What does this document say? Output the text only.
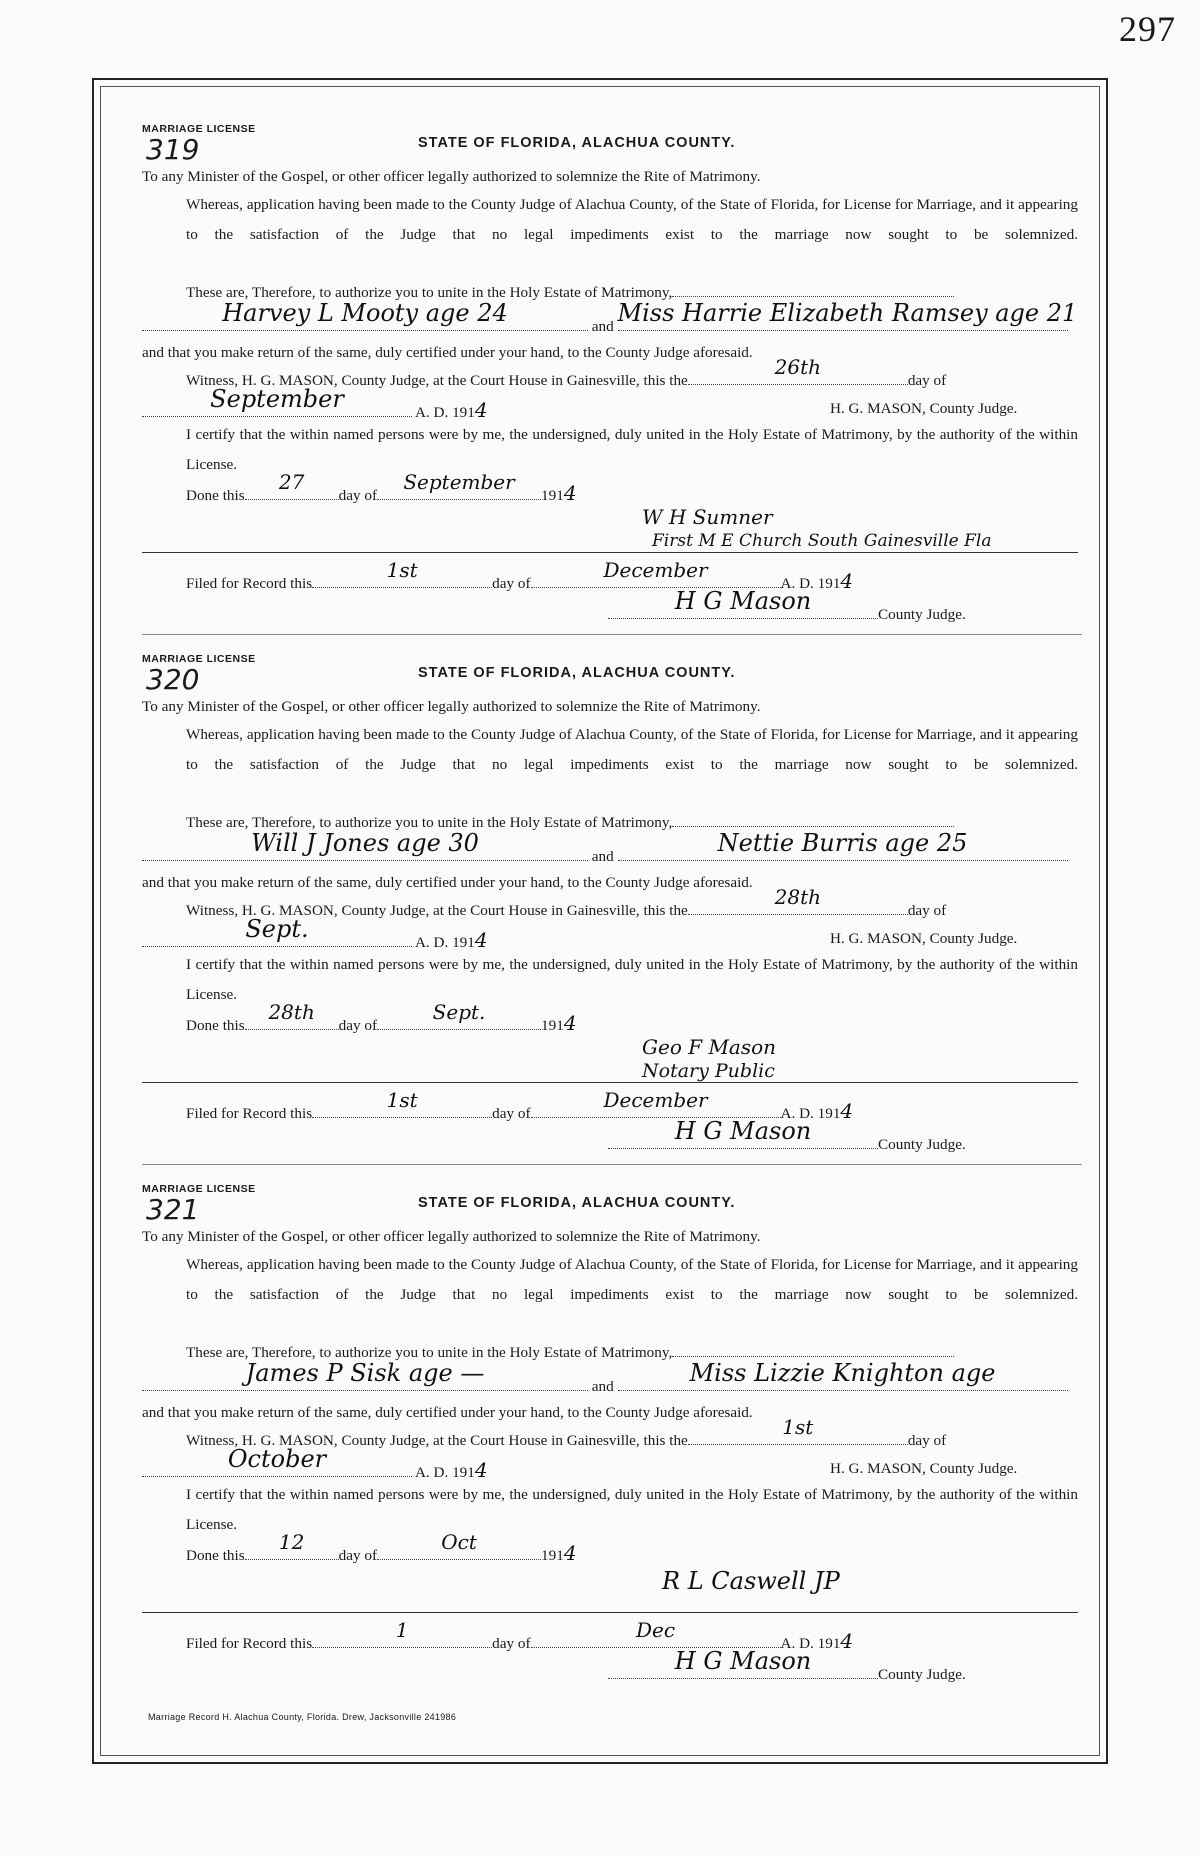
297
MARRIAGE LICENSE
319	STATE OF FLORIDA, ALACHUA COUNTY.
To any Minister of the Gospel, or other officer legally authorized to solemnize the Rite of Matrimony.
Whereas, application having been made to the County Judge of Alachua County, of the State of Florida, for License for Marriage, and it appearing to the satisfaction of the Judge that no legal impediments exist to the marriage now sought to be solemnized.
These are, Therefore, to authorize you to unite in the Holy Estate of Matrimony,
Harvey L Mooty age 24	and Miss Harrie Elizabeth Ramsey age 21
and that you make return of the same, duly certified under your hand, to the County Judge aforesaid.
Witness, H. G. MASON, County Judge, at the Court House in Gainesville, this the
26th
day of
September	A. D. 1914	H. G. MASON, County Judge.
I certify that the within named persons were by me, the undersigned, duly united in the Holy Estate of Matrimony, by the authority of the within License.
Done this
27
day of
September
1914
W H Sumner
First M E Church South Gainesville Fla
Filed for Record this
1st
day of
December
A. D. 1914
H G Mason	County Judge.
MARRIAGE LICENSE
320	STATE OF FLORIDA, ALACHUA COUNTY.
To any Minister of the Gospel, or other officer legally authorized to solemnize the Rite of Matrimony.
Whereas, application having been made to the County Judge of Alachua County, of the State of Florida, for License for Marriage, and it appearing to the satisfaction of the Judge that no legal impediments exist to the marriage now sought to be solemnized.
These are, Therefore, to authorize you to unite in the Holy Estate of Matrimony,
Will J Jones age 30	and	Nettie Burris age 25
and that you make return of the same, duly certified under your hand, to the County Judge aforesaid.
Witness, H. G. MASON, County Judge, at the Court House in Gainesville, this the
28th
day of
Sept.	A. D. 1914	H. G. MASON, County Judge.
I certify that the within named persons were by me, the undersigned, duly united in the Holy Estate of Matrimony, by the authority of the within License.
Done this
28th
day of
Sept.
1914
Geo F Mason
Notary Public
Filed for Record this
1st
day of
December
A. D. 1914
H G Mason	County Judge.
MARRIAGE LICENSE
321	STATE OF FLORIDA, ALACHUA COUNTY.
To any Minister of the Gospel, or other officer legally authorized to solemnize the Rite of Matrimony.
Whereas, application having been made to the County Judge of Alachua County, of the State of Florida, for License for Marriage, and it appearing to the satisfaction of the Judge that no legal impediments exist to the marriage now sought to be solemnized.
These are, Therefore, to authorize you to unite in the Holy Estate of Matrimony,
James P Sisk age —	and	Miss Lizzie Knighton age
and that you make return of the same, duly certified under your hand, to the County Judge aforesaid.
Witness, H. G. MASON, County Judge, at the Court House in Gainesville, this the
1st
day of
October	A. D. 1914	H. G. MASON, County Judge.
I certify that the within named persons were by me, the undersigned, duly united in the Holy Estate of Matrimony, by the authority of the within License.
Done this
12
day of
Oct
1914
R L Caswell JP
Filed for Record this
1
day of
Dec
A. D. 1914
H G Mason	County Judge.
Marriage Record H. Alachua County, Florida. Drew, Jacksonville 241986
